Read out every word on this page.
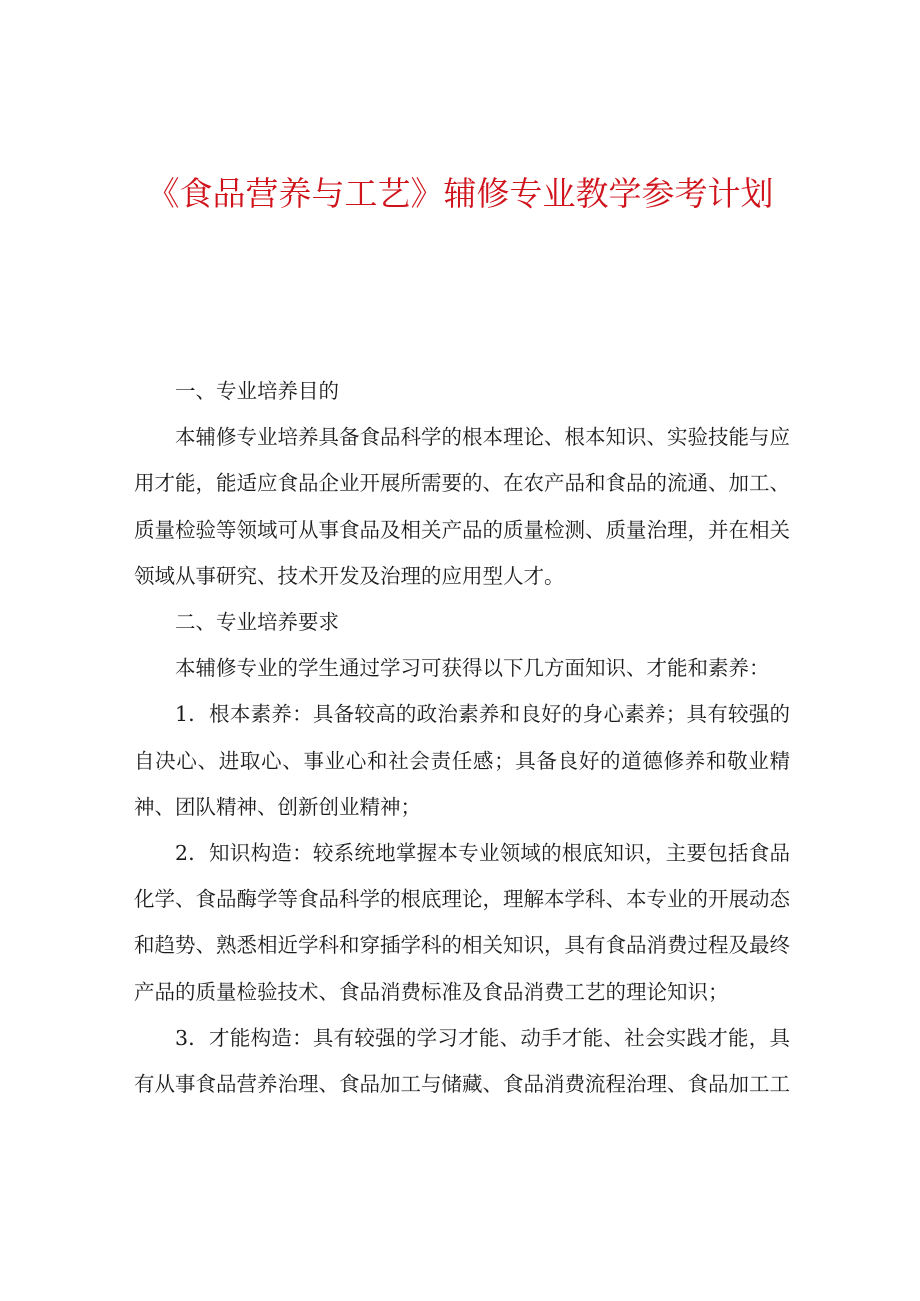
《食品营养与工艺》辅修专业教学参考计划

一、专业培养目的

本辅修专业培养具备食品科学的根本理论、根本知识、实验技能与应用才能，能适应食品企业开展所需要的、在农产品和食品的流通、加工、质量检验等领域可从事食品及相关产品的质量检测、质量治理，并在相关领域从事研究、技术开发及治理的应用型人才。

二、专业培养要求

本辅修专业的学生通过学习可获得以下几方面知识、才能和素养：

1．根本素养：具备较高的政治素养和良好的身心素养；具有较强的自决心、进取心、事业心和社会责任感；具备良好的道德修养和敬业精神、团队精神、创新创业精神；

2．知识构造：较系统地掌握本专业领域的根底知识，主要包括食品化学、食品酶学等食品科学的根底理论，理解本学科、本专业的开展动态和趋势、熟悉相近学科和穿插学科的相关知识，具有食品消费过程及最终产品的质量检验技术、食品消费标准及食品消费工艺的理论知识；

3．才能构造：具有较强的学习才能、动手才能、社会实践才能，具有从事食品营养治理、食品加工与储藏、食品消费流程治理、食品加工工
